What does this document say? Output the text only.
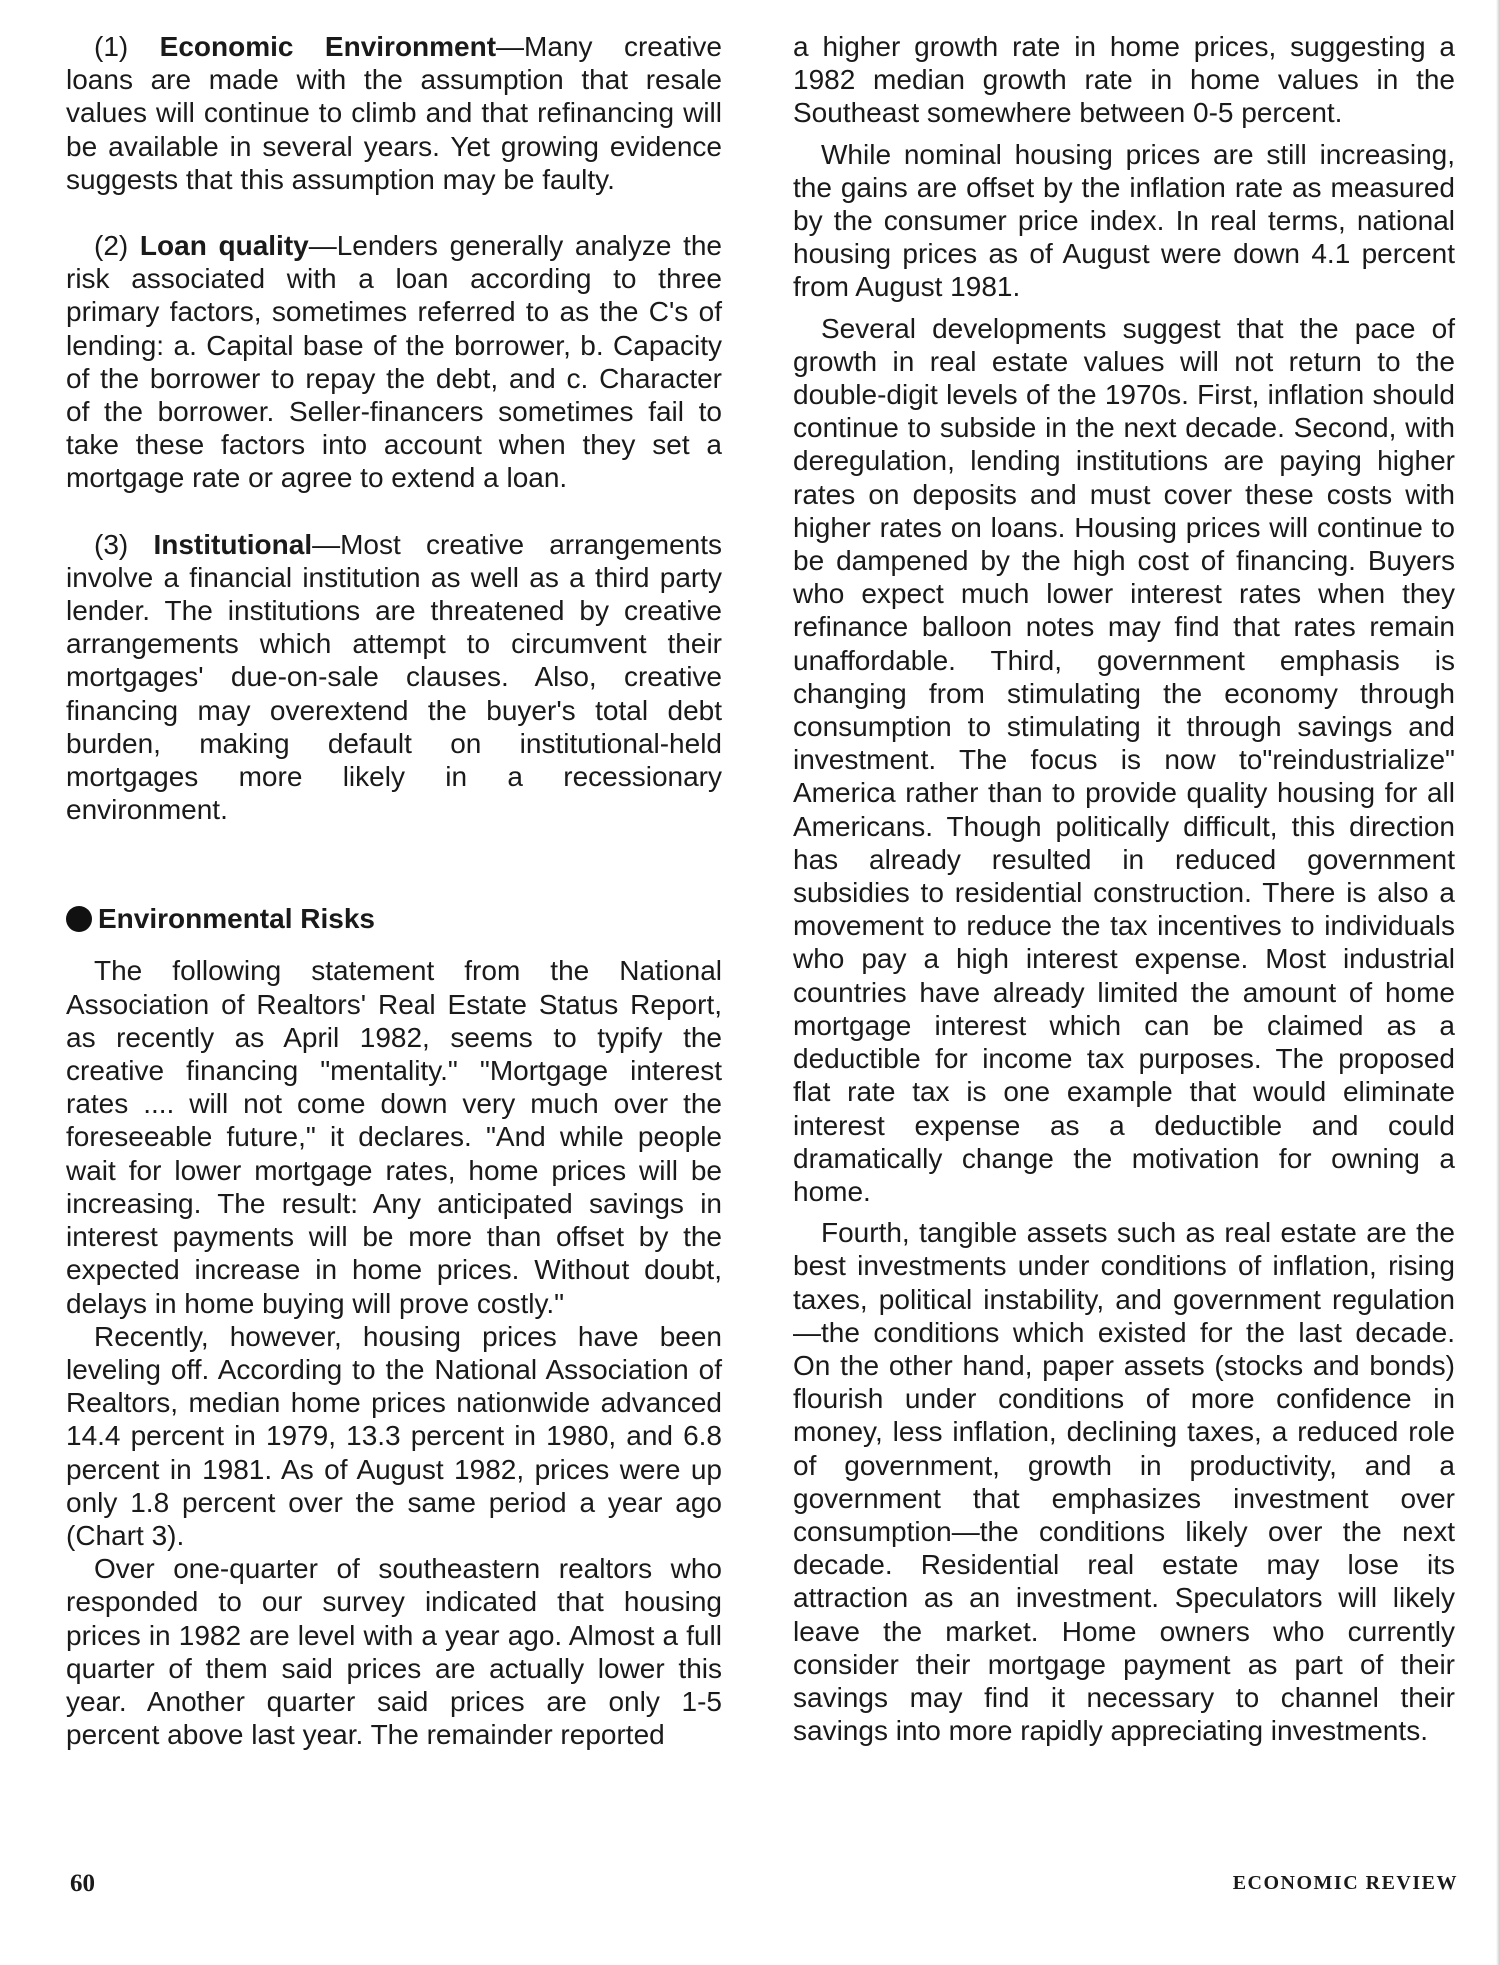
(1) Economic Environment—Many creative loans are made with the assumption that resale values will continue to climb and that refinancing will be available in several years. Yet growing evidence suggests that this assumption may be faulty.

(2) Loan quality—Lenders generally analyze the risk associated with a loan according to three primary factors, sometimes referred to as the C's of lending: a. Capital base of the borrower, b. Capacity of the borrower to repay the debt, and c. Character of the borrower. Seller-financers sometimes fail to take these factors into account when they set a mortgage rate or agree to extend a loan.

(3) Institutional—Most creative arrangements involve a financial institution as well as a third party lender. The institutions are threatened by creative arrangements which attempt to circumvent their mortgages' due-on-sale clauses. Also, creative financing may overextend the buyer's total debt burden, making default on institutional-held mortgages more likely in a recessionary environment.

Environmental Risks

The following statement from the National Association of Realtors' Real Estate Status Report, as recently as April 1982, seems to typify the creative financing "mentality." "Mortgage interest rates .... will not come down very much over the foreseeable future," it declares. "And while people wait for lower mortgage rates, home prices will be increasing. The result: Any anticipated savings in interest payments will be more than offset by the expected increase in home prices. Without doubt, delays in home buying will prove costly."

Recently, however, housing prices have been leveling off. According to the National Association of Realtors, median home prices nationwide advanced 14.4 percent in 1979, 13.3 percent in 1980, and 6.8 percent in 1981. As of August 1982, prices were up only 1.8 percent over the same period a year ago (Chart 3).

Over one-quarter of southeastern realtors who responded to our survey indicated that housing prices in 1982 are level with a year ago. Almost a full quarter of them said prices are actually lower this year. Another quarter said prices are only 1-5 percent above last year. The remainder reported

a higher growth rate in home prices, suggesting a 1982 median growth rate in home values in the Southeast somewhere between 0-5 percent.

While nominal housing prices are still increasing, the gains are offset by the inflation rate as measured by the consumer price index. In real terms, national housing prices as of August were down 4.1 percent from August 1981.

Several developments suggest that the pace of growth in real estate values will not return to the double-digit levels of the 1970s. First, inflation should continue to subside in the next decade. Second, with deregulation, lending institutions are paying higher rates on deposits and must cover these costs with higher rates on loans. Housing prices will continue to be dampened by the high cost of financing. Buyers who expect much lower interest rates when they refinance balloon notes may find that rates remain unaffordable. Third, government emphasis is changing from stimulating the economy through consumption to stimulating it through savings and investment. The focus is now to"reindustrialize" America rather than to provide quality housing for all Americans. Though politically difficult, this direction has already resulted in reduced government subsidies to residential construction. There is also a movement to reduce the tax incentives to individuals who pay a high interest expense. Most industrial countries have already limited the amount of home mortgage interest which can be claimed as a deductible for income tax purposes. The proposed flat rate tax is one example that would eliminate interest expense as a deductible and could dramatically change the motivation for owning a home.

Fourth, tangible assets such as real estate are the best investments under conditions of inflation, rising taxes, political instability, and government regulation—the conditions which existed for the last decade. On the other hand, paper assets (stocks and bonds) flourish under conditions of more confidence in money, less inflation, declining taxes, a reduced role of government, growth in productivity, and a government that emphasizes investment over consumption—the conditions likely over the next decade. Residential real estate may lose its attraction as an investment. Speculators will likely leave the market. Home owners who currently consider their mortgage payment as part of their savings may find it necessary to channel their savings into more rapidly appreciating investments.

60	ECONOMIC REVIEW
